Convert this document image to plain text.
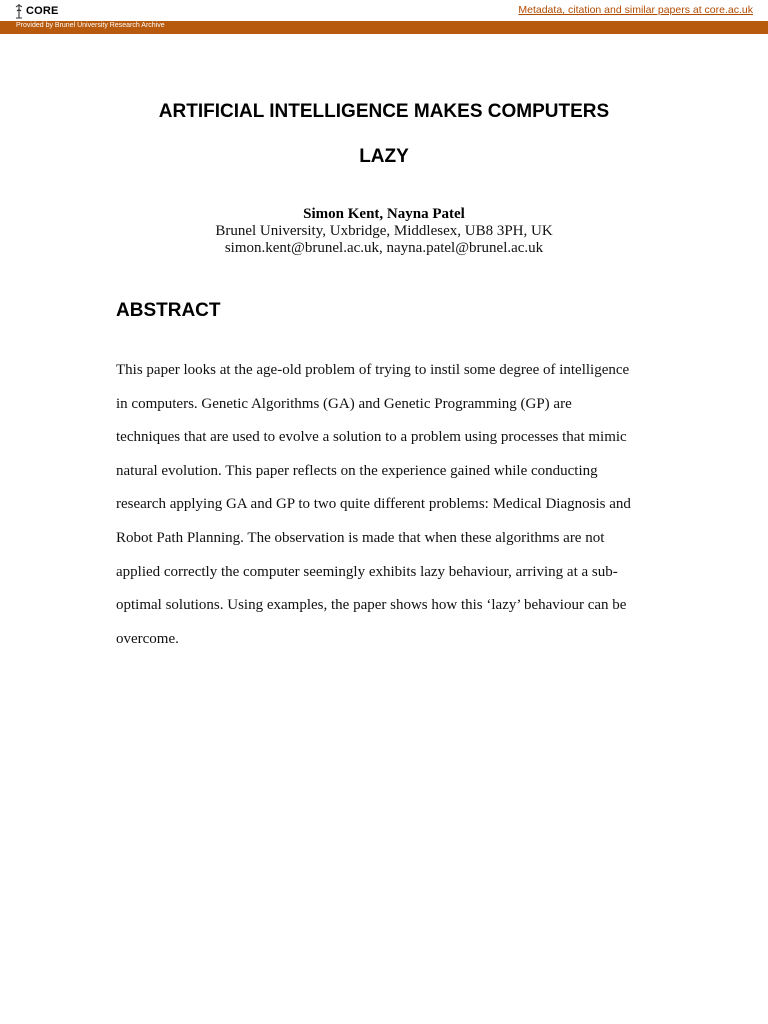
CORE	Metadata, citation and similar papers at core.ac.uk
Provided by Brunel University Research Archive
ARTIFICIAL INTELLIGENCE MAKES COMPUTERS
LAZY
Simon Kent, Nayna Patel
Brunel University, Uxbridge, Middlesex, UB8 3PH, UK
simon.kent@brunel.ac.uk, nayna.patel@brunel.ac.uk
ABSTRACT
This paper looks at the age-old problem of trying to instil some degree of intelligence
in computers. Genetic Algorithms (GA) and Genetic Programming (GP) are
techniques that are used to evolve a solution to a problem using processes that mimic
natural evolution. This paper reflects on the experience gained while conducting
research applying GA and GP to two quite different problems: Medical Diagnosis and
Robot Path Planning. The observation is made that when these algorithms are not
applied correctly the computer seemingly exhibits lazy behaviour, arriving at a sub-
optimal solutions. Using examples, the paper shows how this ‘lazy’ behaviour can be
overcome.
